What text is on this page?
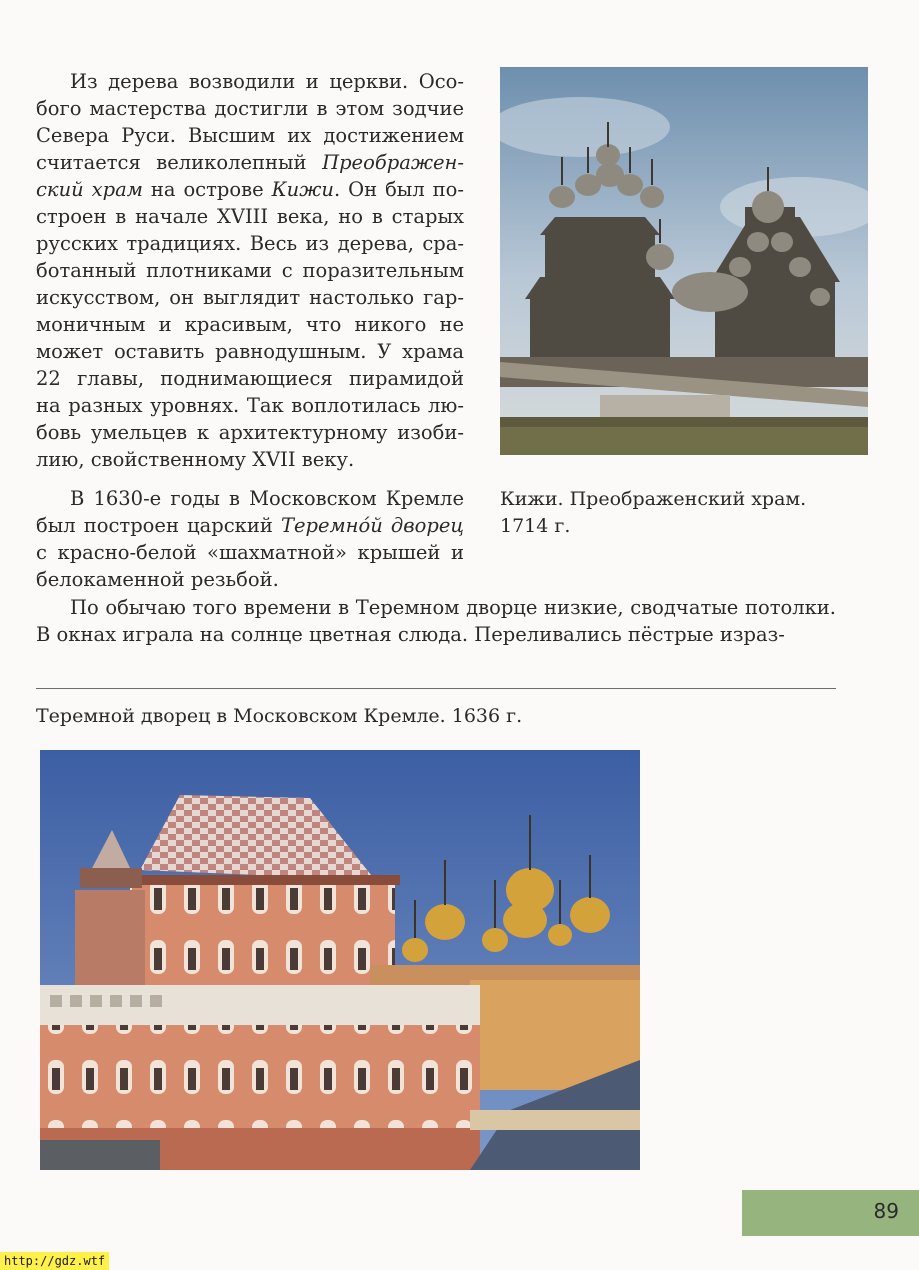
Из дерева возводили и церкви. Особого мастерства достигли в этом зодчие Севера Руси. Высшим их достижением считается великолепный Преображенский храм на острове Кижи. Он был построен в начале XVIII века, но в старых русских традициях. Весь из дерева, сработанный плотниками с поразительным искусством, он выглядит настолько гармоничным и красивым, что никого не может оставить равнодушным. У храма 22 главы, поднимающиеся пирамидой на разных уровнях. Так воплотилась любовь умельцев к архитектурному изобилию, свойственному XVII веку.

Кижи. Преображенский храм.
1714 г.

В 1630-е годы в Московском Кремле был построен царский Теремно́й дворец с красно-белой «шахматной» крышей и белокаменной резьбой.

По обычаю того времени в Теремном дворце низкие, сводчатые потолки. В окнах играла на солнце цветная слюда. Переливались пёстрые израз-

Теремной дворец в Московском Кремле. 1636 г.
89
http://gdz.wtf
